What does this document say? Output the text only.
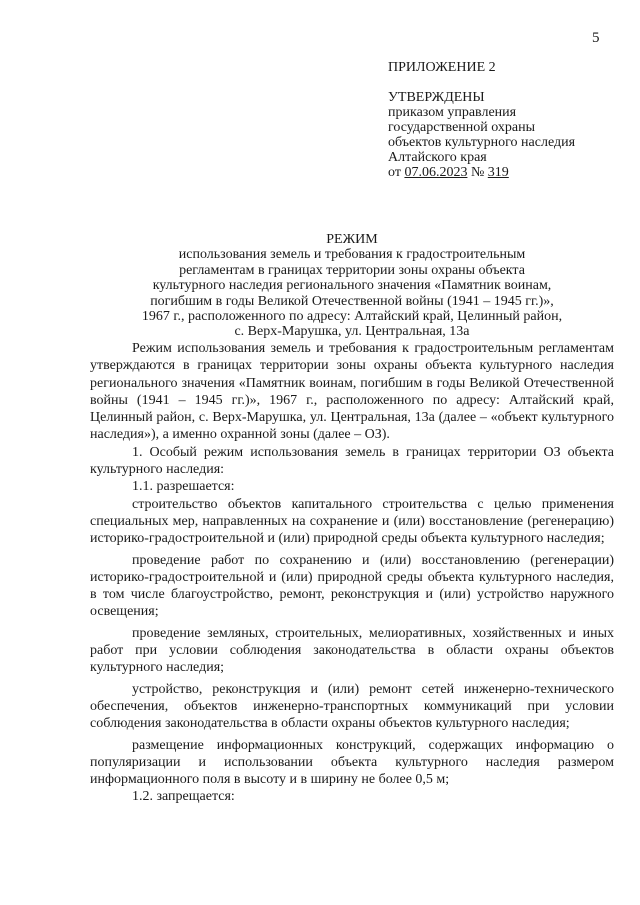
5
ПРИЛОЖЕНИЕ 2
УТВЕРЖДЕНЫ
приказом управления
государственной охраны
объектов культурного наследия
Алтайского края
от 07.06.2023 № 319
РЕЖИМ
использования земель и требования к градостроительным
регламентам в границах территории зоны охраны объекта
культурного наследия регионального значения «Памятник воинам,
погибшим в годы Великой Отечественной войны (1941 – 1945 гг.)»,
1967 г., расположенного по адресу: Алтайский край, Целинный район,
с. Верх-Марушка, ул. Центральная, 13а

Режим использования земель и требования к градостроительным регламентам утверждаются в границах территории зоны охраны объекта культурного наследия регионального значения «Памятник воинам, погибшим в годы Великой Отечественной войны (1941 – 1945 гг.)», 1967 г., расположенного по адресу: Алтайский край, Целинный район, с. Верх-Марушка, ул. Центральная, 13а (далее – «объект культурного наследия»), а именно охранной зоны (далее – ОЗ).

1. Особый режим использования земель в границах территории ОЗ объекта культурного наследия:

1.1. разрешается:

строительство объектов капитального строительства с целью применения специальных мер, направленных на сохранение и (или) восстановление (регенерацию) историко-градостроительной и (или) природной среды объекта культурного наследия;

проведение работ по сохранению и (или) восстановлению (регенерации) историко-градостроительной и (или) природной среды объекта культурного наследия, в том числе благоустройство, ремонт, реконструкция и (или) устройство наружного освещения;

проведение земляных, строительных, мелиоративных, хозяйственных и иных работ при условии соблюдения законодательства в области охраны объектов культурного наследия;

устройство, реконструкция и (или) ремонт сетей инженерно-технического обеспечения, объектов инженерно-транспортных коммуникаций при условии соблюдения законодательства в области охраны объектов культурного наследия;

размещение информационных конструкций, содержащих информацию о популяризации и использовании объекта культурного наследия размером информационного поля в высоту и в ширину не более 0,5 м;

1.2. запрещается:
